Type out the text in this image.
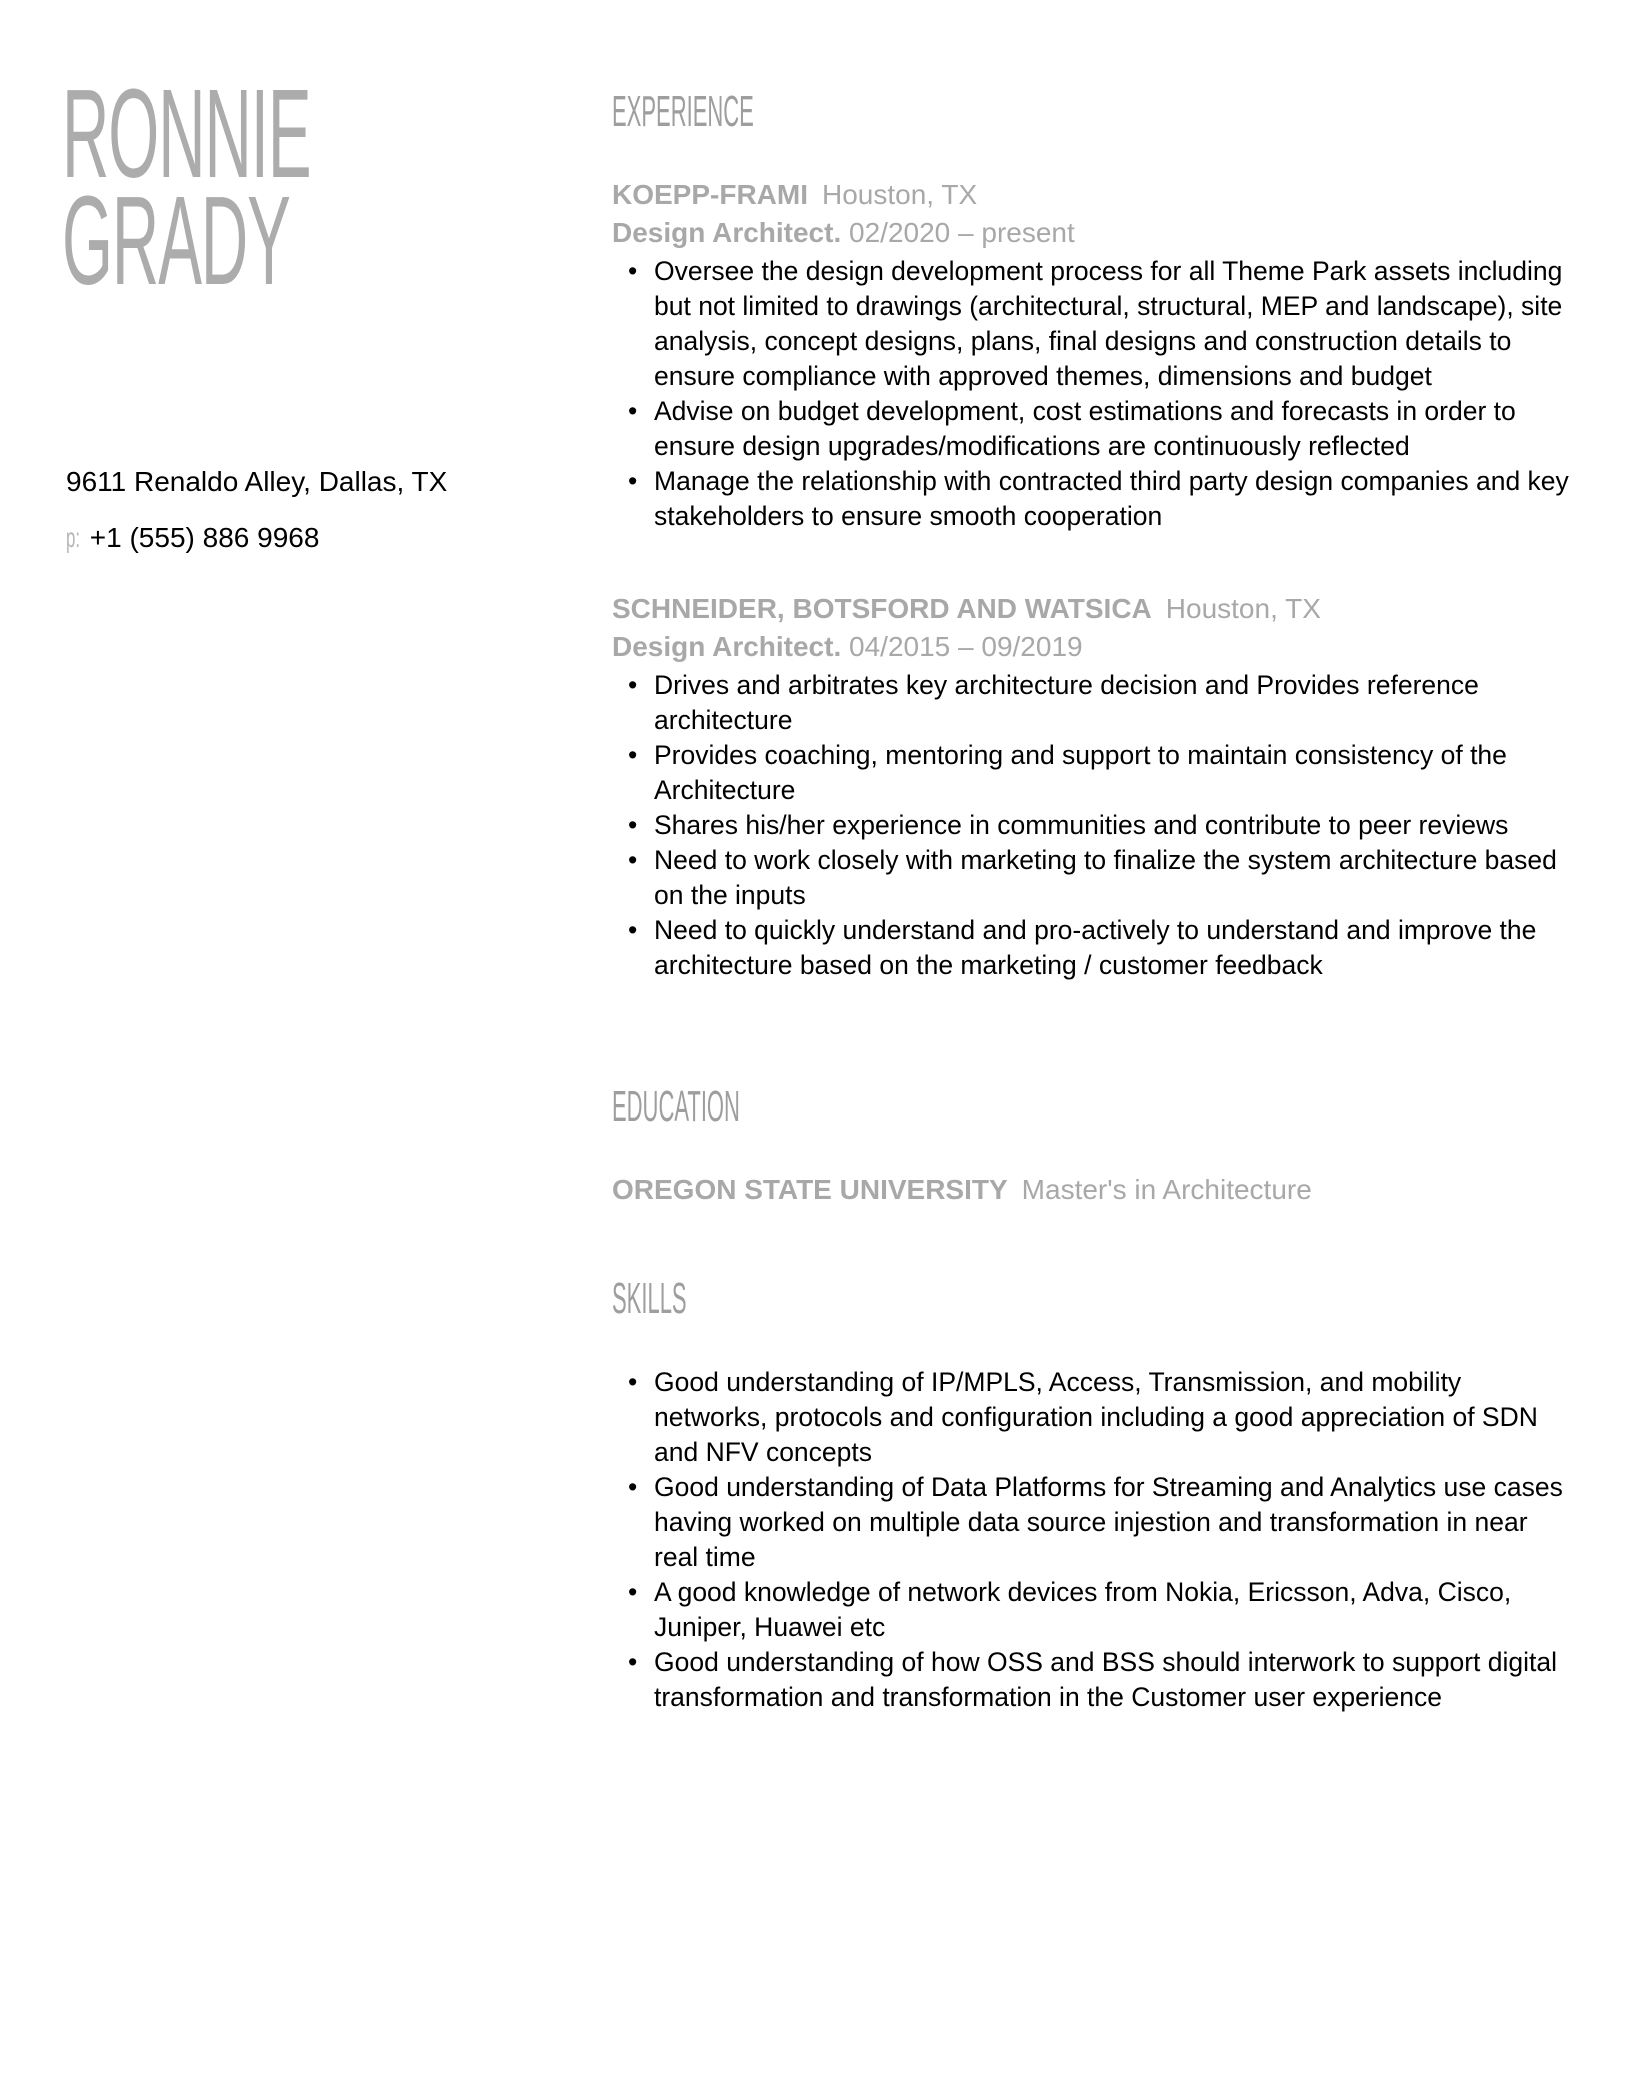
RONNIE
GRADY
9611 Renaldo Alley, Dallas, TX
p: +1 (555) 886 9968
EXPERIENCE
KOEPP-FRAMI Houston, TX
Design Architect. 02/2020 – present
• Oversee the design development process for all Theme Park assets including but not limited to drawings (architectural, structural, MEP and landscape), site analysis, concept designs, plans, final designs and construction details to ensure compliance with approved themes, dimensions and budget
• Advise on budget development, cost estimations and forecasts in order to ensure design upgrades/modifications are continuously reflected
• Manage the relationship with contracted third party design companies and key stakeholders to ensure smooth cooperation
SCHNEIDER, BOTSFORD AND WATSICA Houston, TX
Design Architect. 04/2015 – 09/2019
• Drives and arbitrates key architecture decision and Provides reference architecture
• Provides coaching, mentoring and support to maintain consistency of the Architecture
• Shares his/her experience in communities and contribute to peer reviews
• Need to work closely with marketing to finalize the system architecture based on the inputs
• Need to quickly understand and pro-actively to understand and improve the architecture based on the marketing / customer feedback
EDUCATION
OREGON STATE UNIVERSITY Master's in Architecture
SKILLS
• Good understanding of IP/MPLS, Access, Transmission, and mobility networks, protocols and configuration including a good appreciation of SDN and NFV concepts
• Good understanding of Data Platforms for Streaming and Analytics use cases having worked on multiple data source injestion and transformation in near real time
• A good knowledge of network devices from Nokia, Ericsson, Adva, Cisco, Juniper, Huawei etc
• Good understanding of how OSS and BSS should interwork to support digital transformation and transformation in the Customer user experience
